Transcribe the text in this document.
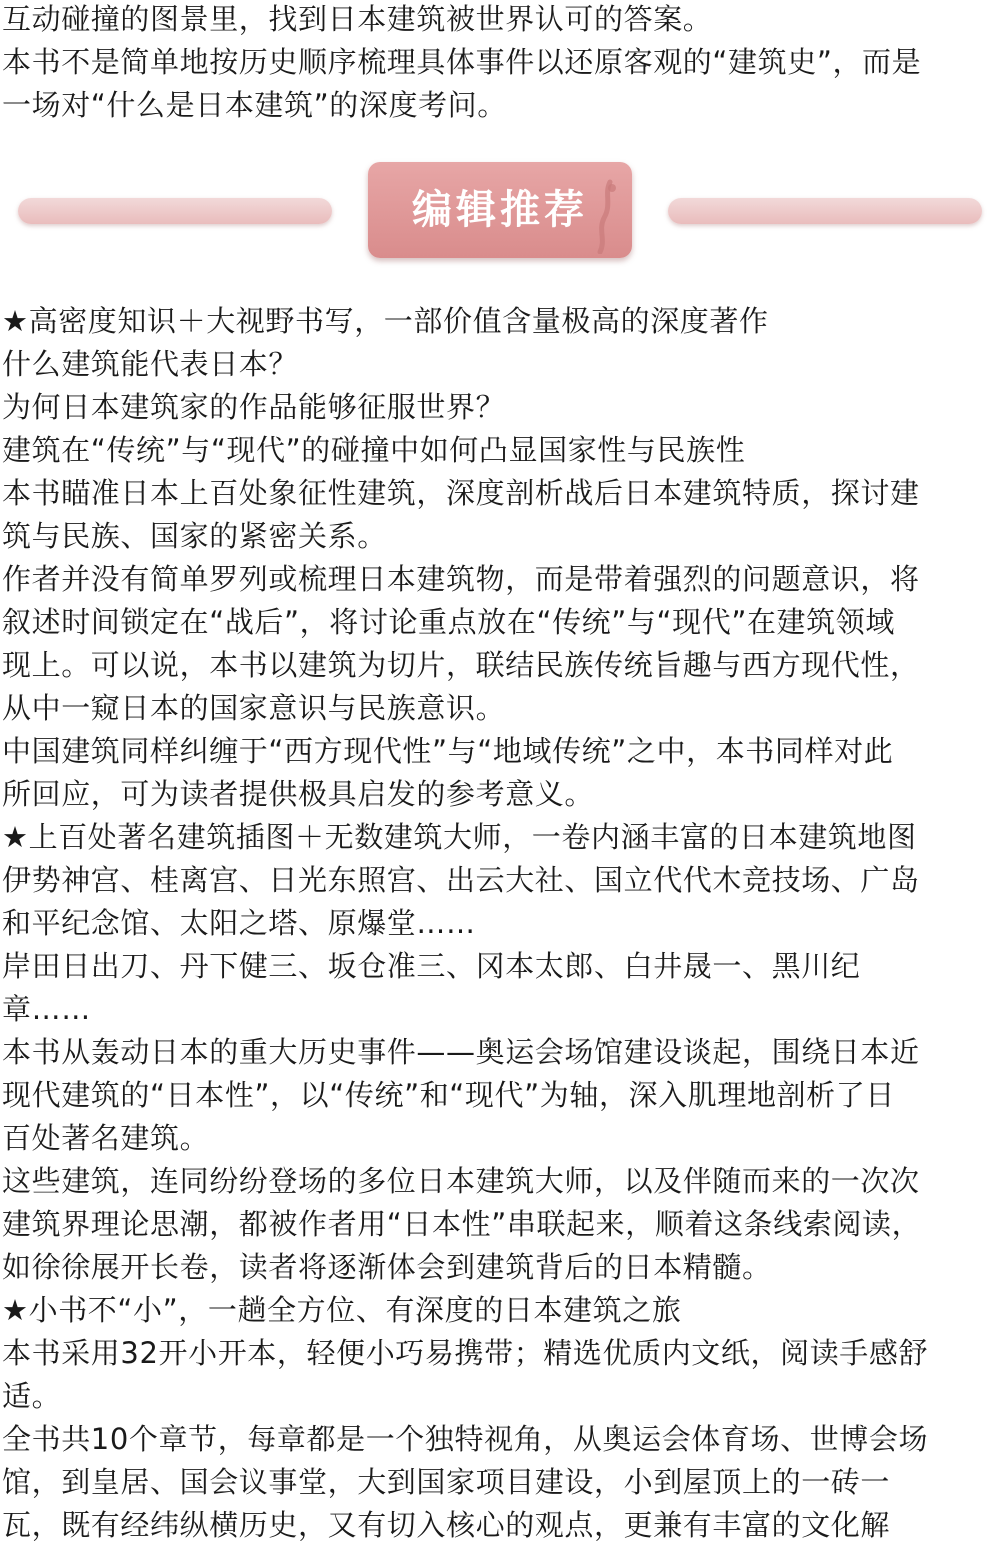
互动碰撞的图景里，找到日本建筑被世界认可的答案。
本书不是简单地按历史顺序梳理具体事件以还原客观的“建筑史”，而是
一场对“什么是日本建筑”的深度考问。
编辑推荐
★高密度知识＋大视野书写，一部价值含量极高的深度著作
什么建筑能代表日本？
为何日本建筑家的作品能够征服世界？
建筑在“传统”与“现代”的碰撞中如何凸显国家性与民族性
本书瞄准日本上百处象征性建筑，深度剖析战后日本建筑特质，探讨建
筑与民族、国家的紧密关系。
作者并没有简单罗列或梳理日本建筑物，而是带着强烈的问题意识，将
叙述时间锁定在“战后”，将讨论重点放在“传统”与“现代”在建筑领域
现上。可以说，本书以建筑为切片，联结民族传统旨趣与西方现代性，
从中一窥日本的国家意识与民族意识。
中国建筑同样纠缠于“西方现代性”与“地域传统”之中，本书同样对此
所回应，可为读者提供极具启发的参考意义。
★上百处著名建筑插图＋无数建筑大师，一卷内涵丰富的日本建筑地图
伊势神宫、桂离宫、日光东照宫、出云大社、国立代代木竞技场、广岛
和平纪念馆、太阳之塔、原爆堂……
岸田日出刀、丹下健三、坂仓准三、冈本太郎、白井晟一、黑川纪
章……
本书从轰动日本的重大历史事件——奥运会场馆建设谈起，围绕日本近
现代建筑的“日本性”，以“传统”和“现代”为轴，深入肌理地剖析了日
百处著名建筑。
这些建筑，连同纷纷登场的多位日本建筑大师，以及伴随而来的一次次
建筑界理论思潮，都被作者用“日本性”串联起来，顺着这条线索阅读，
如徐徐展开长卷，读者将逐渐体会到建筑背后的日本精髓。
★小书不“小”，一趟全方位、有深度的日本建筑之旅
本书采用32开小开本，轻便小巧易携带；精选优质内文纸，阅读手感舒
适。
全书共10个章节，每章都是一个独特视角，从奥运会体育场、世博会场
馆，到皇居、国会议事堂，大到国家项目建设，小到屋顶上的一砖一
瓦，既有经纬纵横历史，又有切入核心的观点，更兼有丰富的文化解
